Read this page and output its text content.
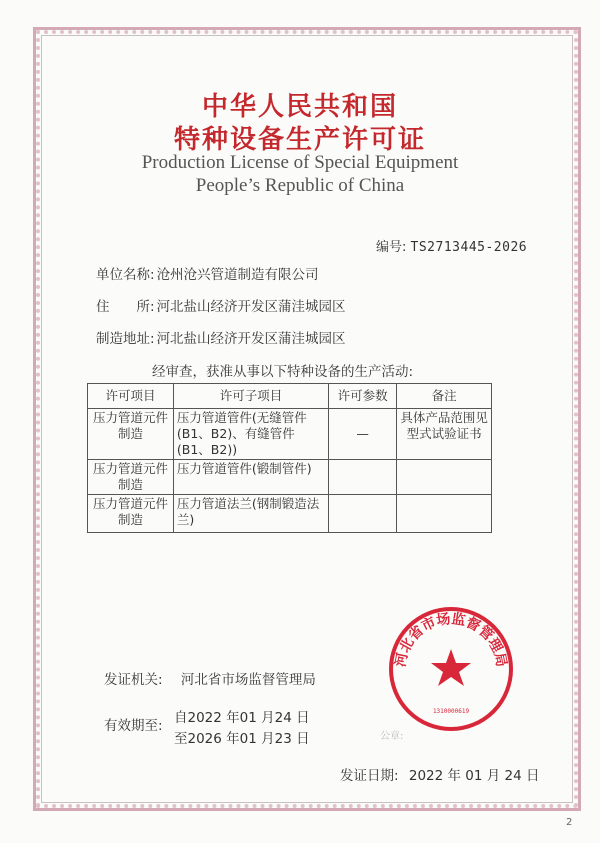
中华人民共和国
特种设备生产许可证
Production License of Special Equipment
People’s Republic of China
编号: TS2713445-2026
单位名称: 沧州沧兴管道制造有限公司
住　　所: 河北盐山经济开发区蒲洼城园区
制造地址: 河北盐山经济开发区蒲洼城园区
经审查，获准从事以下特种设备的生产活动:
许可项目	许可子项目	许可参数	备注
压力管道元件制造	压力管道管件(无缝管件(B1、B2)、有缝管件(B1、B2))	—	具体产品范围见型式试验证书
压力管道元件制造	压力管道管件(锻制管件)		
压力管道元件制造	压力管道法兰(钢制锻造法兰)		
发证机关: 河北省市场监督管理局
有效期至: 自2022 年01 月24 日
至2026 年01 月23 日
发证日期: 2022 年 01 月 24 日
公章:
河北省市场监督管理局
1310000619
2
